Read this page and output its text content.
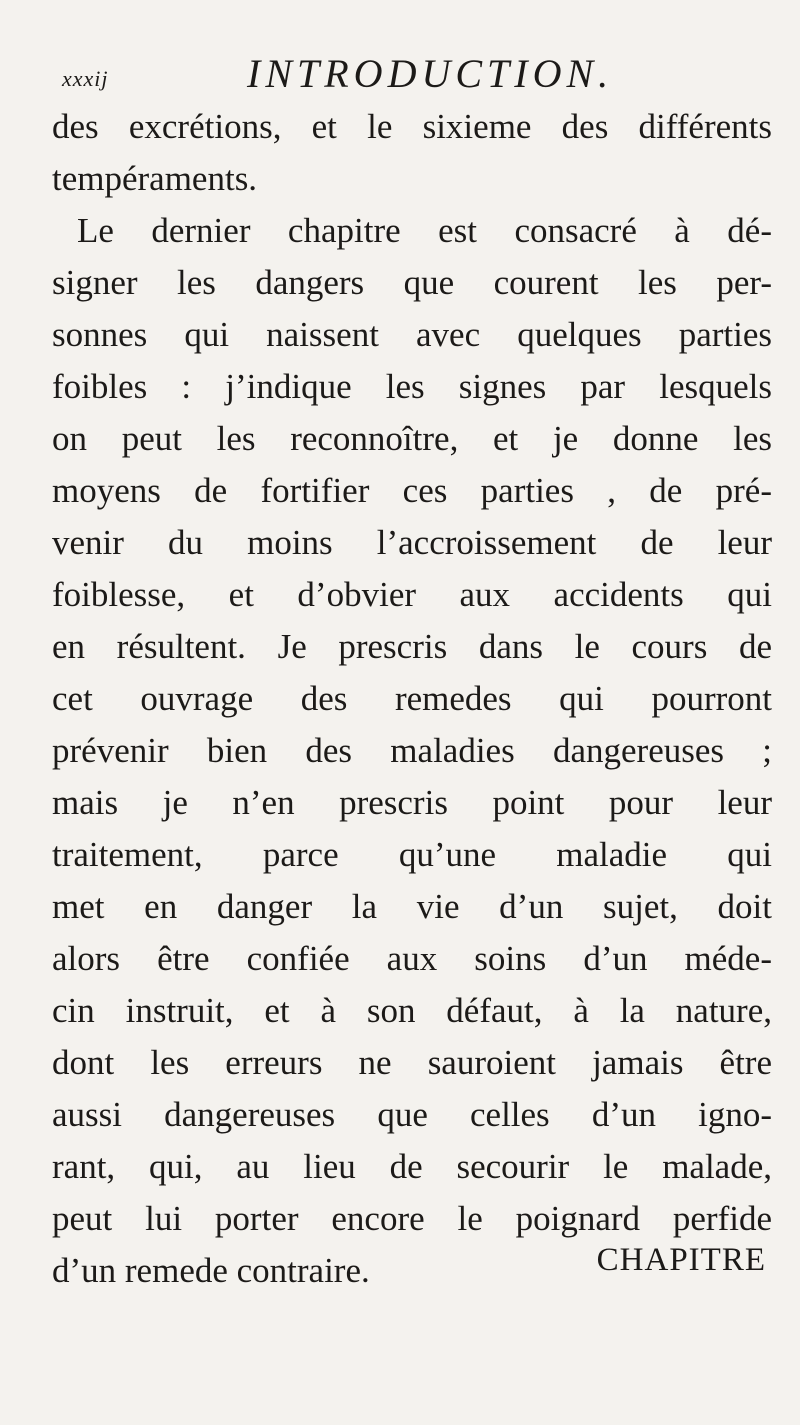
xxxij	INTRODUCTION.
des excrétions, et le sixieme des différents
tempéraments.
Le dernier chapitre est consacré à dé-
signer les dangers que courent les per-
sonnes qui naissent avec quelques parties
foibles : j’indique les signes par lesquels
on peut les reconnoître, et je donne les
moyens de fortifier ces parties , de pré-
venir du moins l’accroissement de leur
foiblesse, et d’obvier aux accidents qui
en résultent. Je prescris dans le cours de
cet ouvrage des remedes qui pourront
prévenir bien des maladies dangereuses ;
mais je n’en prescris point pour leur
traitement, parce qu’une maladie qui
met en danger la vie d’un sujet, doit
alors être confiée aux soins d’un méde-
cin instruit, et à son défaut, à la nature,
dont les erreurs ne sauroient jamais être
aussi dangereuses que celles d’un igno-
rant, qui, au lieu de secourir le malade,
peut lui porter encore le poignard perfide
d’un remede contraire.	CHAPITRE
